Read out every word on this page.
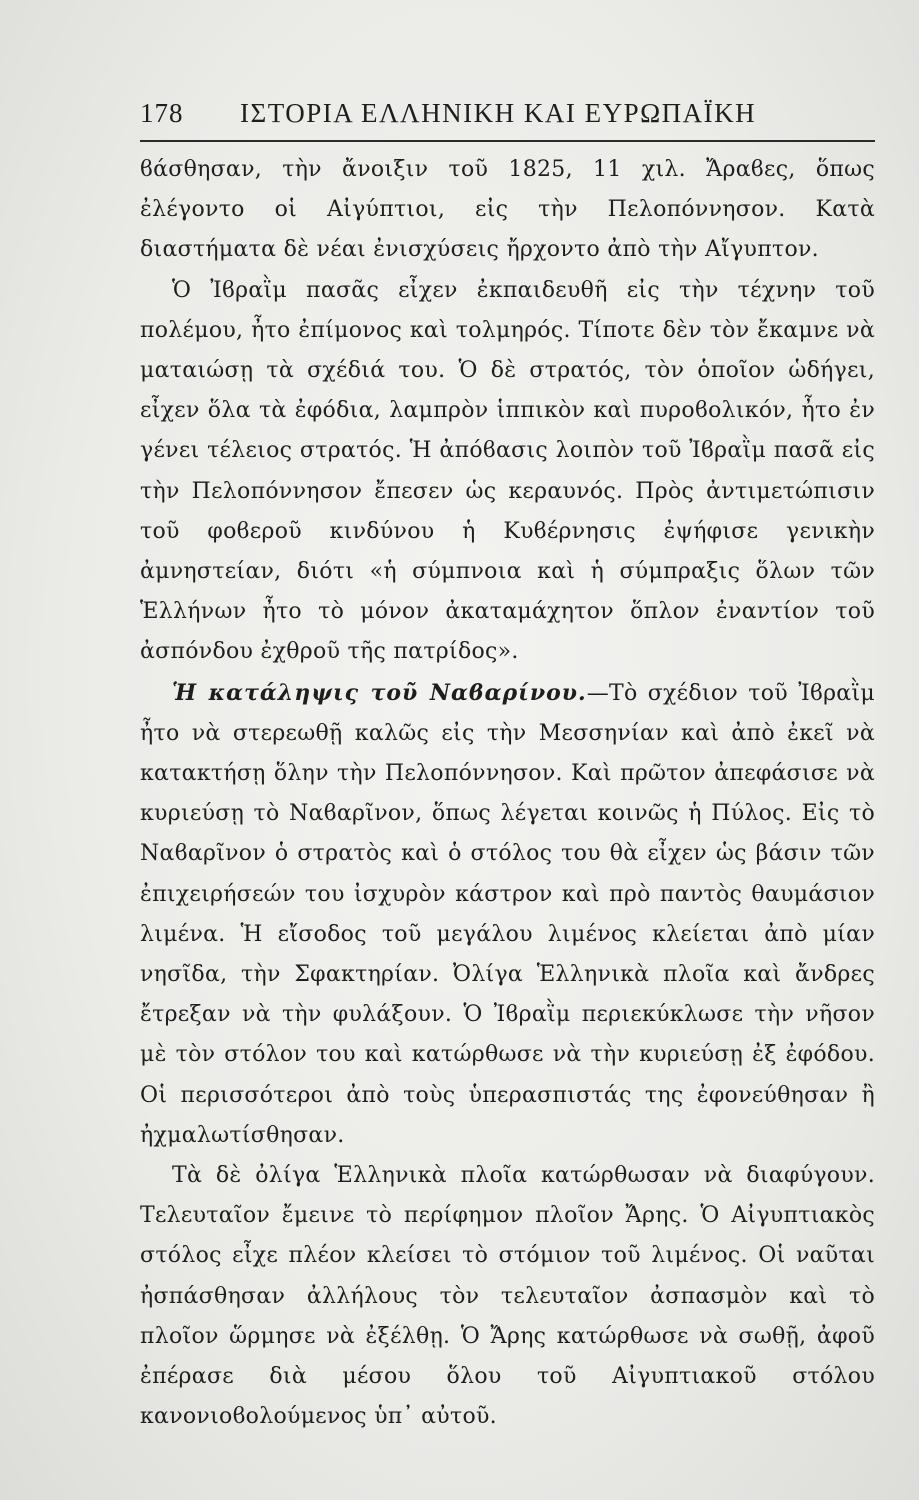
178 ΙΣΤΟΡΙΑ ΕΛΛΗΝΙΚΗ ΚΑΙ ΕΥΡΩΠΑΪΚΗ

ϐάσθησαν, τὴν ἄνοιξιν τοῦ 1825, 11 χιλ. Ἄραϐες, ὅπως ἐλέγοντο οἱ Αἰγύπτιοι, εἰς τὴν Πελοπόννησον. Κατὰ διαστήματα δὲ νέαι ἐνισχύσεις ἤρχοντο ἀπὸ τὴν Αἴγυπτον.

Ὁ Ἰϐραῒμ πασᾶς εἶχεν ἐκπαιδευθῆ εἰς τὴν τέχνην τοῦ πολέμου, ἦτο ἐπίμονος καὶ τολμηρός. Τίποτε δὲν τὸν ἔκαμνε νὰ ματαιώσῃ τὰ σχέδιά του. Ὁ δὲ στρατός, τὸν ὁποῖον ὡδήγει, εἶχεν ὅλα τὰ ἐφόδια, λαμπρὸν ἱππικὸν καὶ πυροϐολικόν, ἦτο ἐν γένει τέλειος στρατός. Ἡ ἀπόϐασις λοιπὸν τοῦ Ἰϐραῒμ πασᾶ εἰς τὴν Πελοπόννησον ἔπεσεν ὡς κεραυνός. Πρὸς ἀντιμετώπισιν τοῦ φοϐεροῦ κινδύνου ἡ Κυϐέρνησις ἐψήφισε γενικὴν ἀμνηστείαν, διότι «ἡ σύμπνοια καὶ ἡ σύμπραξις ὅλων τῶν Ἑλλήνων ἦτο τὸ μόνον ἀκαταμάχητον ὅπλον ἐναντίον τοῦ ἀσπόνδου ἐχθροῦ τῆς πατρίδος».

Ἡ κατάληψις τοῦ Ναϐαρίνου.—Τὸ σχέδιον τοῦ Ἰϐραῒμ ἦτο νὰ στερεωθῇ καλῶς εἰς τὴν Μεσσηνίαν καὶ ἀπὸ ἐκεῖ νὰ κατακτήσῃ ὅλην τὴν Πελοπόννησον. Καὶ πρῶτον ἀπεφάσισε νὰ κυριεύσῃ τὸ Ναϐαρῖνον, ὅπως λέγεται κοινῶς ἡ Πύλος. Εἰς τὸ Ναϐαρῖνον ὁ στρατὸς καὶ ὁ στόλος του θὰ εἶχεν ὡς βάσιν τῶν ἐπιχειρήσεών του ἰσχυρὸν κάστρον καὶ πρὸ παντὸς θαυμάσιον λιμένα. Ἡ εἴσοδος τοῦ μεγάλου λιμένος κλείεται ἀπὸ μίαν νησῖδα, τὴν Σφακτηρίαν. Ὀλίγα Ἑλληνικὰ πλοῖα καὶ ἄνδρες ἔτρεξαν νὰ τὴν φυλάξουν. Ὁ Ἰϐραῒμ περιεκύκλωσε τὴν νῆσον μὲ τὸν στόλον του καὶ κατώρθωσε νὰ τὴν κυριεύσῃ ἐξ ἐφόδου. Οἱ περισσότεροι ἀπὸ τοὺς ὑπερασπιστάς της ἐφονεύθησαν ἢ ἠχμαλωτίσθησαν.

Τὰ δὲ ὀλίγα Ἑλληνικὰ πλοῖα κατώρθωσαν νὰ διαφύγουν. Τελευταῖον ἔμεινε τὸ περίφημον πλοῖον Ἄρης. Ὁ Αἰγυπτιακὸς στόλος εἶχε πλέον κλείσει τὸ στόμιον τοῦ λιμένος. Οἱ ναῦται ἠσπάσθησαν ἀλλήλους τὸν τελευταῖον ἀσπασμὸν καὶ τὸ πλοῖον ὥρμησε νὰ ἐξέλθῃ. Ὁ Ἄρης κατώρθωσε νὰ σωθῇ, ἀφοῦ ἐπέρασε διὰ μέσου ὅλου τοῦ Αἰγυπτιακοῦ στόλου κανονιοϐολούμενος ὑπ᾽ αὐτοῦ.
